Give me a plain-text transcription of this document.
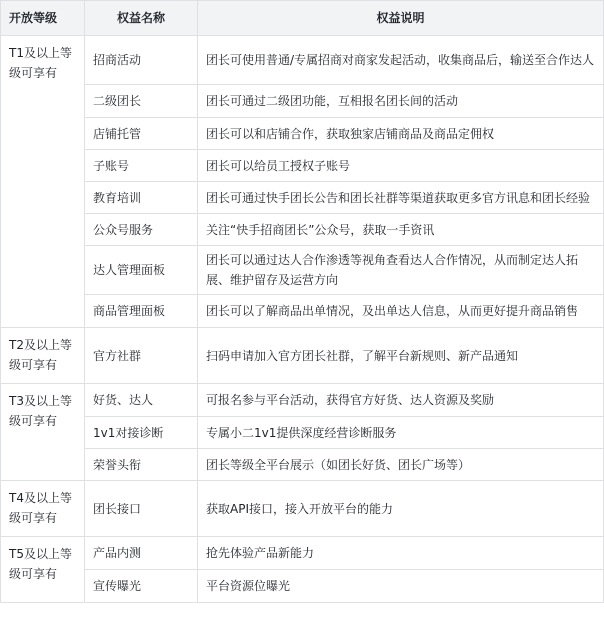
开放等级	权益名称	权益说明
T1及以上等级可享有	招商活动	团长可使用普通/专属招商对商家发起活动，收集商品后，输送至合作达人
	二级团长	团长可通过二级团功能，互相报名团长间的活动
	店铺托管	团长可以和店铺合作，获取独家店铺商品及商品定佣权
	子账号	团长可以给员工授权子账号
	教育培训	团长可通过快手团长公告和团长社群等渠道获取更多官方讯息和团长经验
	公众号服务	关注“快手招商团长”公众号，获取一手资讯
	达人管理面板	团长可以通过达人合作渗透等视角查看达人合作情况，从而制定达人拓展、维护留存及运营方向
	商品管理面板	团长可以了解商品出单情况，及出单达人信息，从而更好提升商品销售
T2及以上等级可享有	官方社群	扫码申请加入官方团长社群，了解平台新规则、新产品通知
T3及以上等级可享有	好货、达人	可报名参与平台活动，获得官方好货、达人资源及奖励
	1v1对接诊断	专属小二1v1提供深度经营诊断服务
	荣誉头衔	团长等级全平台展示（如团长好货、团长广场等）
T4及以上等级可享有	团长接口	获取API接口，接入开放平台的能力
T5及以上等级可享有	产品内测	抢先体验产品新能力
	宣传曝光	平台资源位曝光
